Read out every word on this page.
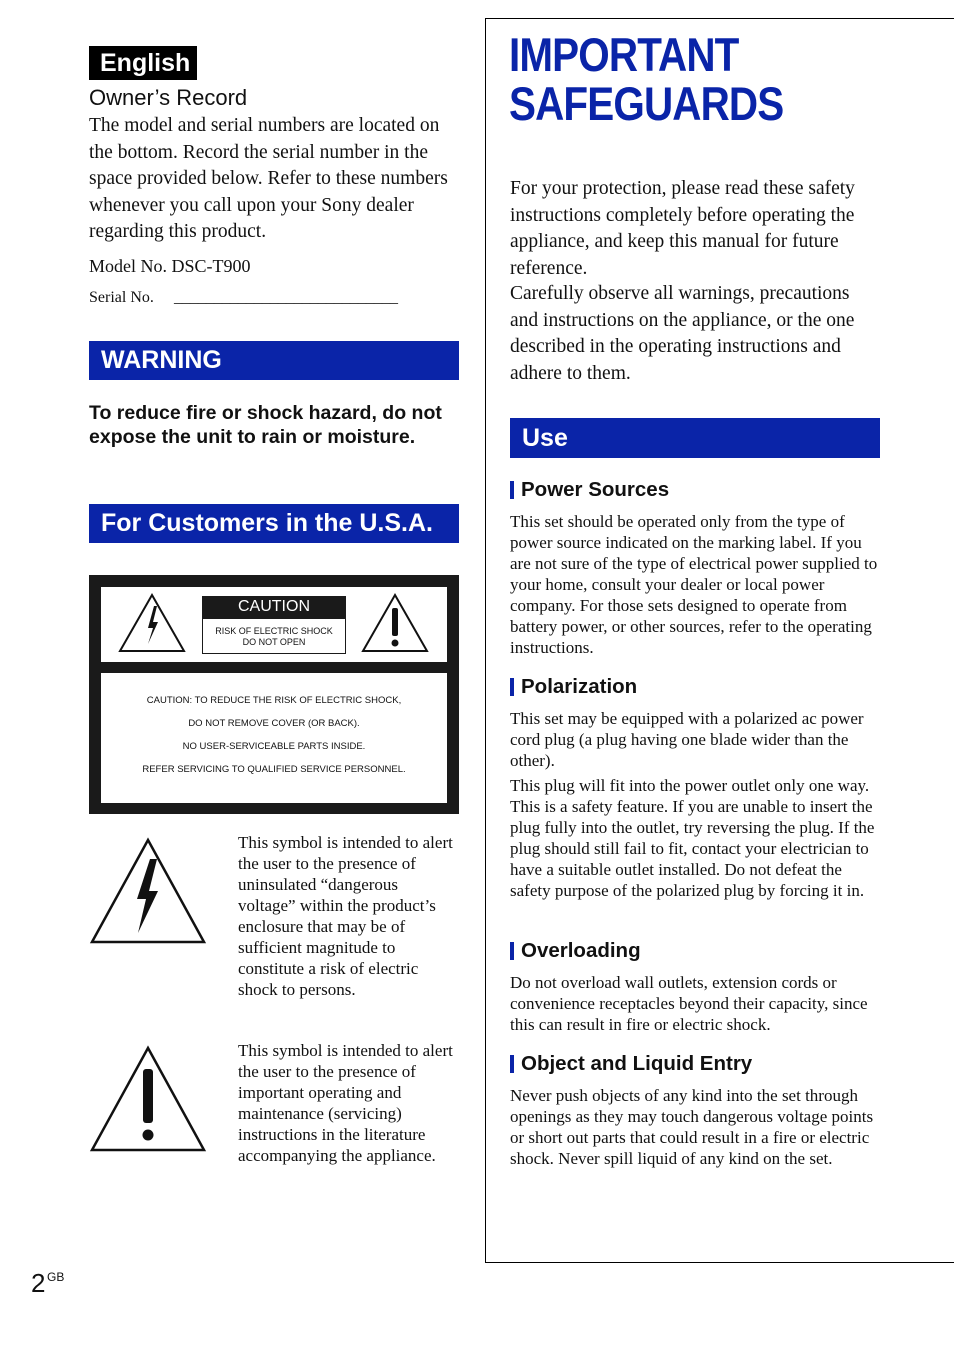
English
Owner’s Record
The model and serial numbers are located on the bottom. Record the serial number in the space provided below. Refer to these numbers whenever you call upon your Sony dealer regarding this product.
Model No. DSC-T900
Serial No. ____________________________
WARNING
To reduce fire or shock hazard, do not expose the unit to rain or moisture.
For Customers in the U.S.A.
CAUTION
RISK OF ELECTRIC SHOCK
DO NOT OPEN
CAUTION: TO REDUCE THE RISK OF ELECTRIC SHOCK,
DO NOT REMOVE COVER (OR BACK).
NO USER-SERVICEABLE PARTS INSIDE.
REFER SERVICING TO QUALIFIED SERVICE PERSONNEL.
This symbol is intended to alert the user to the presence of uninsulated “dangerous voltage” within the product’s enclosure that may be of sufficient magnitude to constitute a risk of electric shock to persons.
This symbol is intended to alert the user to the presence of important operating and maintenance (servicing) instructions in the literature accompanying the appliance.
IMPORTANT
SAFEGUARDS
For your protection, please read these safety instructions completely before operating the appliance, and keep this manual for future reference.
Carefully observe all warnings, precautions and instructions on the appliance, or the one described in the operating instructions and adhere to them.
Use
Power Sources
This set should be operated only from the type of power source indicated on the marking label. If you are not sure of the type of electrical power supplied to your home, consult your dealer or local power company. For those sets designed to operate from battery power, or other sources, refer to the operating instructions.
Polarization
This set may be equipped with a polarized ac power cord plug (a plug having one blade wider than the other).
This plug will fit into the power outlet only one way. This is a safety feature. If you are unable to insert the plug fully into the outlet, try reversing the plug. If the plug should still fail to fit, contact your electrician to have a suitable outlet installed. Do not defeat the safety purpose of the polarized plug by forcing it in.
Overloading
Do not overload wall outlets, extension cords or convenience receptacles beyond their capacity, since this can result in fire or electric shock.
Object and Liquid Entry
Never push objects of any kind into the set through openings as they may touch dangerous voltage points or short out parts that could result in a fire or electric shock. Never spill liquid of any kind on the set.
2 GB
